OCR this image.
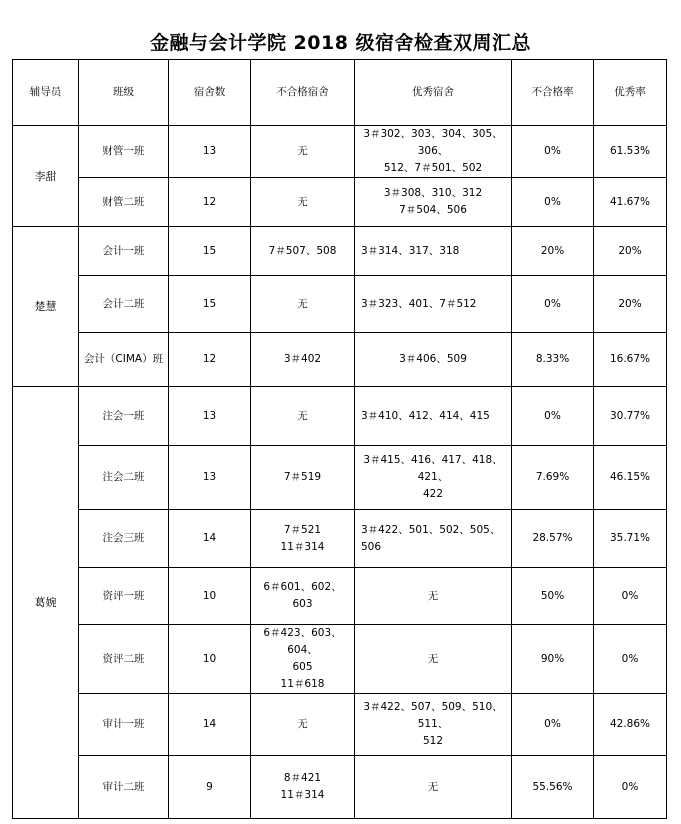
金融与会计学院 2018 级宿舍检查双周汇总
辅导员	班级	宿舍数	不合格宿舍	优秀宿舍	不合格率	优秀率
李甜	财管一班	13	无	3＃302、303、304、305、306、
512、7＃501、502	0%	61.53%
	财管二班	12	无	3＃308、310、312
7＃504、506	0%	41.67%
楚慧	会计一班	15	7＃507、508	3＃314、317、318	20%	20%
	会计二班	15	无	3＃323、401、7＃512	0%	20%
	会计（CIMA）班	12	3＃402	3＃406、509	8.33%	16.67%
葛婉	注会一班	13	无	3＃410、412、414、415	0%	30.77%
	注会二班	13	7＃519	3＃415、416、417、418、421、
422	7.69%	46.15%
	注会三班	14	7＃521
11＃314	3＃422、501、502、505、506	28.57%	35.71%
	资评一班	10	6＃601、602、603	无	50%	0%
	资评二班	10	6＃423、603、604、
605
11＃618	无	90%	0%
	审计一班	14	无	3＃422、507、509、510、511、
512	0%	42.86%
	审计二班	9	8＃421
11＃314	无	55.56%	0%
